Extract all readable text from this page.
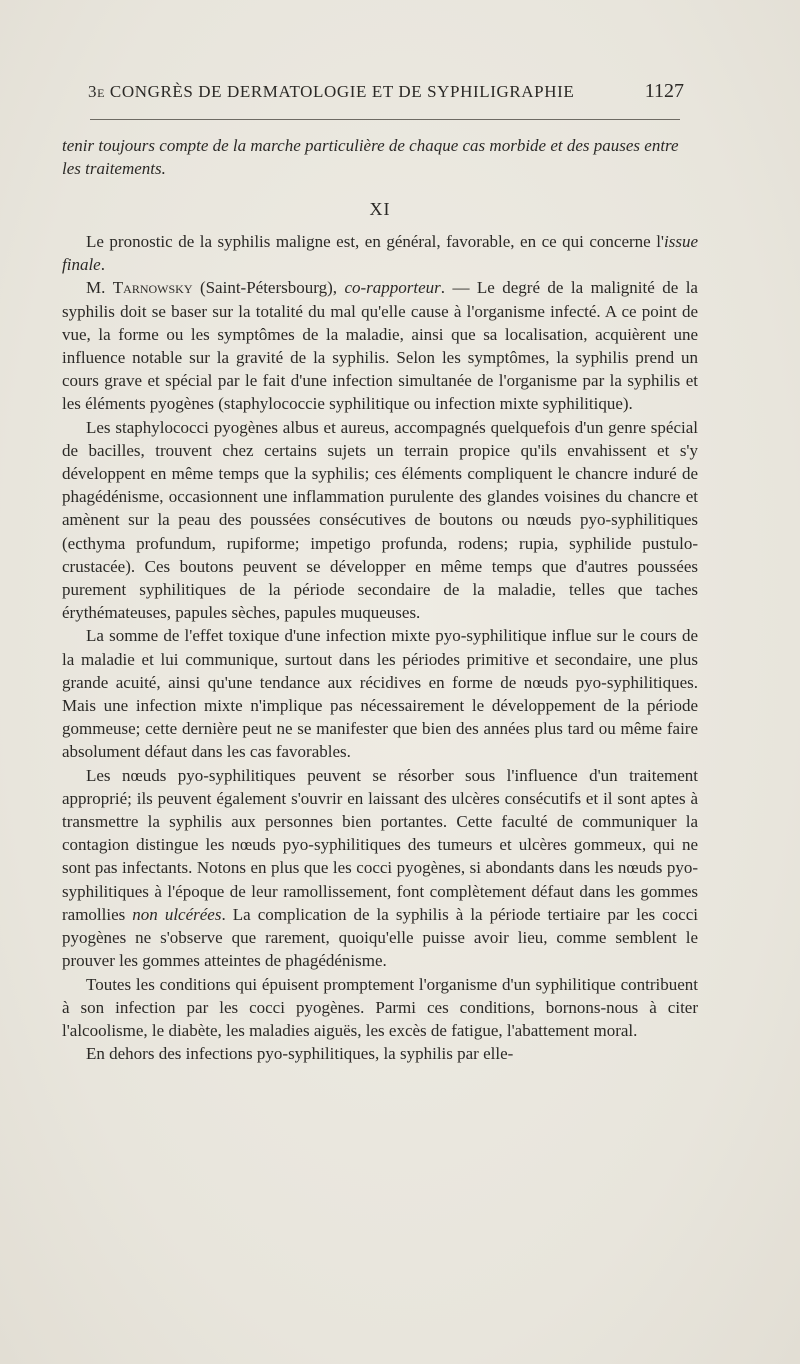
3e CONGRÈS DE DERMATOLOGIE ET DE SYPHILIGRAPHIE	1127

tenir toujours compte de la marche particulière de chaque cas morbide et des pauses entre les traitements.

XI

Le pronostic de la syphilis maligne est, en général, favorable, en ce qui concerne l'issue finale.

M. Tarnowsky (Saint-Pétersbourg), co-rapporteur. — Le degré de la malignité de la syphilis doit se baser sur la totalité du mal qu'elle cause à l'organisme infecté. A ce point de vue, la forme ou les symptômes de la maladie, ainsi que sa localisation, acquièrent une influence notable sur la gravité de la syphilis. Selon les symptômes, la syphilis prend un cours grave et spécial par le fait d'une infection simultanée de l'organisme par la syphilis et les éléments pyogènes (staphylococcie syphilitique ou infection mixte syphilitique).

Les staphylococci pyogènes albus et aureus, accompagnés quelquefois d'un genre spécial de bacilles, trouvent chez certains sujets un terrain propice qu'ils envahissent et s'y développent en même temps que la syphilis; ces éléments compliquent le chancre induré de phagédénisme, occasionnent une inflammation purulente des glandes voisines du chancre et amènent sur la peau des poussées consécutives de boutons ou nœuds pyo-syphilitiques (ecthyma profundum, rupiforme; impetigo profunda, rodens; rupia, syphilide pustulo-crustacée). Ces boutons peuvent se développer en même temps que d'autres poussées purement syphilitiques de la période secondaire de la maladie, telles que taches érythémateuses, papules sèches, papules muqueuses.

La somme de l'effet toxique d'une infection mixte pyo-syphilitique influe sur le cours de la maladie et lui communique, surtout dans les périodes primitive et secondaire, une plus grande acuité, ainsi qu'une tendance aux récidives en forme de nœuds pyo-syphilitiques. Mais une infection mixte n'implique pas nécessairement le développement de la période gommeuse; cette dernière peut ne se manifester que bien des années plus tard ou même faire absolument défaut dans les cas favorables.

Les nœuds pyo-syphilitiques peuvent se résorber sous l'influence d'un traitement approprié; ils peuvent également s'ouvrir en laissant des ulcères consécutifs et il sont aptes à transmettre la syphilis aux personnes bien portantes. Cette faculté de communiquer la contagion distingue les nœuds pyo-syphilitiques des tumeurs et ulcères gommeux, qui ne sont pas infectants. Notons en plus que les cocci pyogènes, si abondants dans les nœuds pyo-syphilitiques à l'époque de leur ramollissement, font complètement défaut dans les gommes ramollies non ulcérées. La complication de la syphilis à la période tertiaire par les cocci pyogènes ne s'observe que rarement, quoiqu'elle puisse avoir lieu, comme semblent le prouver les gommes atteintes de phagédénisme.

Toutes les conditions qui épuisent promptement l'organisme d'un syphilitique contribuent à son infection par les cocci pyogènes. Parmi ces conditions, bornons-nous à citer l'alcoolisme, le diabète, les maladies aiguës, les excès de fatigue, l'abattement moral.

En dehors des infections pyo-syphilitiques, la syphilis par elle-
